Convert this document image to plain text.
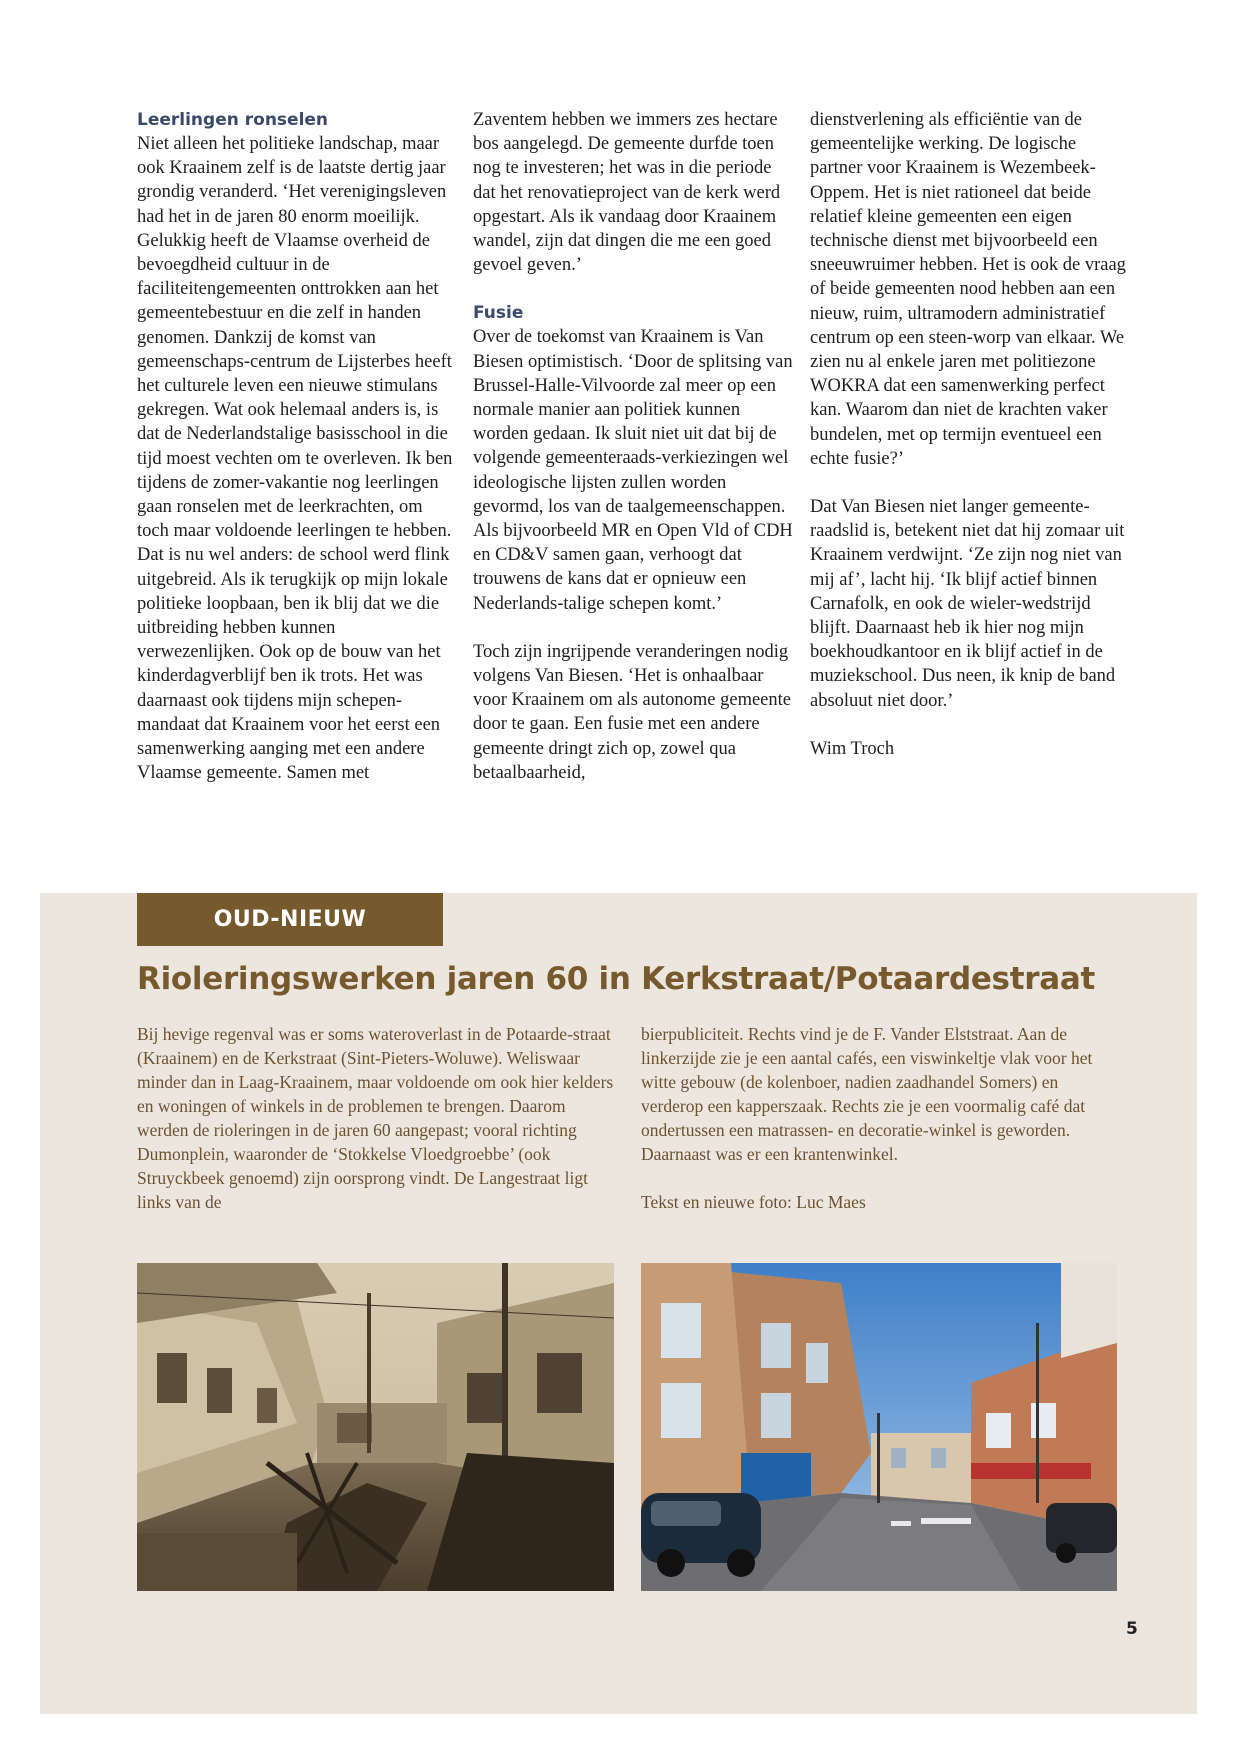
Leerlingen ronselen

Niet alleen het politieke landschap, maar ook Kraainem zelf is de laatste dertig jaar grondig veranderd. ‘Het verenigingsleven had het in de jaren 80 enorm moeilijk. Gelukkig heeft de Vlaamse overheid de bevoegdheid cultuur in de faciliteitengemeenten onttrokken aan het gemeentebestuur en die zelf in handen genomen. Dankzij de komst van gemeenschaps-centrum de Lijsterbes heeft het culturele leven een nieuwe stimulans gekregen. Wat ook helemaal anders is, is dat de Nederlandstalige basisschool in die tijd moest vechten om te overleven. Ik ben tijdens de zomer-vakantie nog leerlingen gaan ronselen met de leerkrachten, om toch maar voldoende leerlingen te hebben. Dat is nu wel anders: de school werd flink uitgebreid. Als ik terugkijk op mijn lokale politieke loopbaan, ben ik blij dat we die uitbreiding hebben kunnen verwezenlijken. Ook op de bouw van het kinderdagverblijf ben ik trots. Het was daarnaast ook tijdens mijn schepen-mandaat dat Kraainem voor het eerst een samenwerking aanging met een andere Vlaamse gemeente. Samen met

Zaventem hebben we immers zes hectare bos aangelegd. De gemeente durfde toen nog te investeren; het was in die periode dat het renovatieproject van de kerk werd opgestart. Als ik vandaag door Kraainem wandel, zijn dat dingen die me een goed gevoel geven.’

Fusie

Over de toekomst van Kraainem is Van Biesen optimistisch. ‘Door de splitsing van Brussel-Halle-Vilvoorde zal meer op een normale manier aan politiek kunnen worden gedaan. Ik sluit niet uit dat bij de volgende gemeenteraads-verkiezingen wel ideologische lijsten zullen worden gevormd, los van de taalgemeenschappen. Als bijvoorbeeld MR en Open Vld of CDH en CD&V samen gaan, verhoogt dat trouwens de kans dat er opnieuw een Nederlands-talige schepen komt.’

Toch zijn ingrijpende veranderingen nodig volgens Van Biesen. ‘Het is onhaalbaar voor Kraainem om als autonome gemeente door te gaan. Een fusie met een andere gemeente dringt zich op, zowel qua betaalbaarheid,

dienstverlening als efficiëntie van de gemeentelijke werking. De logische partner voor Kraainem is Wezembeek-Oppem. Het is niet rationeel dat beide relatief kleine gemeenten een eigen technische dienst met bijvoorbeeld een sneeuwruimer hebben. Het is ook de vraag of beide gemeenten nood hebben aan een nieuw, ruim, ultramodern administratief centrum op een steen-worp van elkaar. We zien nu al enkele jaren met politiezone WOKRA dat een samenwerking perfect kan. Waarom dan niet de krachten vaker bundelen, met op termijn eventueel een echte fusie?’

Dat Van Biesen niet langer gemeente-raadslid is, betekent niet dat hij zomaar uit Kraainem verdwijnt. ‘Ze zijn nog niet van mij af’, lacht hij. ‘Ik blijf actief binnen Carnafolk, en ook de wieler-wedstrijd blijft. Daarnaast heb ik hier nog mijn boekhoudkantoor en ik blijf actief in de muziekschool. Dus neen, ik knip de band absoluut niet door.’

Wim Troch

OUD-NIEUW
Rioleringswerken jaren 60 in Kerkstraat/Potaardestraat

Bij hevige regenval was er soms wateroverlast in de Potaarde-straat (Kraainem) en de Kerkstraat (Sint-Pieters-Woluwe). Weliswaar minder dan in Laag-Kraainem, maar voldoende om ook hier kelders en woningen of winkels in de problemen te brengen. Daarom werden de rioleringen in de jaren 60 aangepast; vooral richting Dumonplein, waaronder de ‘Stokkelse Vloedgroebbe’ (ook Struyckbeek genoemd) zijn oorsprong vindt. De Langestraat ligt links van de

bierpubliciteit. Rechts vind je de F. Vander Elststraat. Aan de linkerzijde zie je een aantal cafés, een viswinkeltje vlak voor het witte gebouw (de kolenboer, nadien zaadhandel Somers) en verderop een kapperszaak. Rechts zie je een voormalig café dat ondertussen een matrassen- en decoratie-winkel is geworden. Daarnaast was er een krantenwinkel.

Tekst en nieuwe foto: Luc Maes

5
